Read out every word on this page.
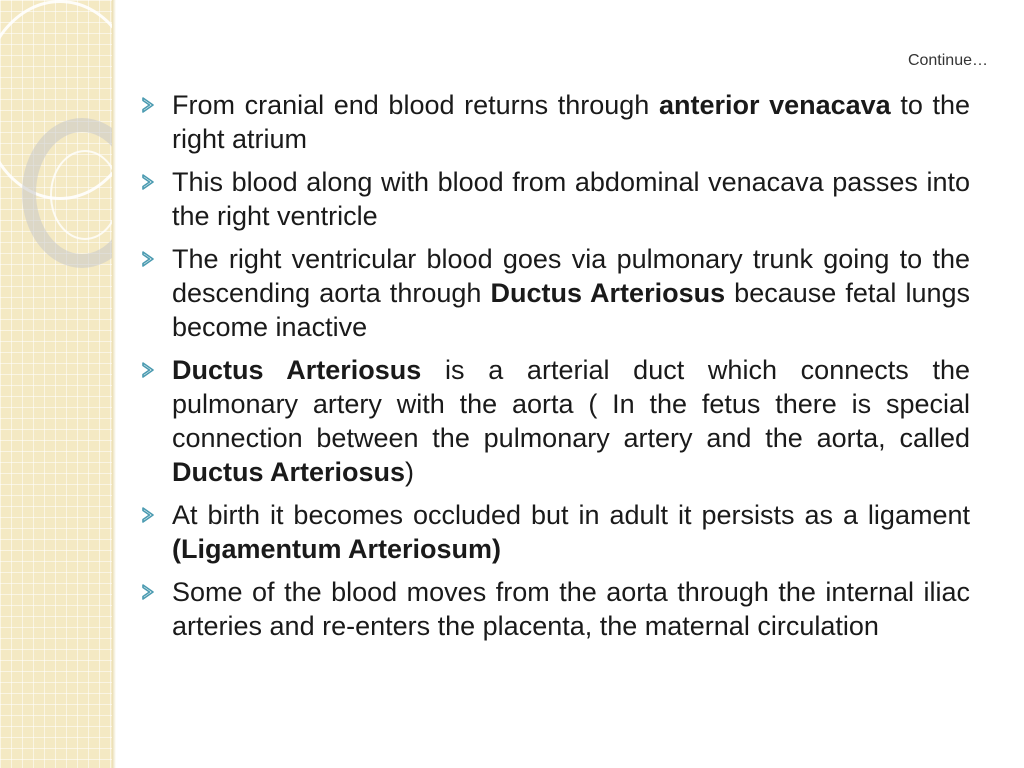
Continue…
From cranial end blood returns through anterior venacava to the right atrium
This blood along with blood from abdominal venacava passes into the right ventricle
The right ventricular blood goes via pulmonary trunk going to the descending aorta through Ductus Arteriosus because fetal lungs become inactive
Ductus Arteriosus is a arterial duct which connects the pulmonary artery with the aorta ( In the fetus there is special connection between the pulmonary artery and the aorta, called Ductus Arteriosus)
At birth it becomes occluded but in adult it persists as a ligament (Ligamentum Arteriosum)
Some of the blood moves from the aorta through the internal iliac arteries and re-enters the placenta, the maternal circulation
